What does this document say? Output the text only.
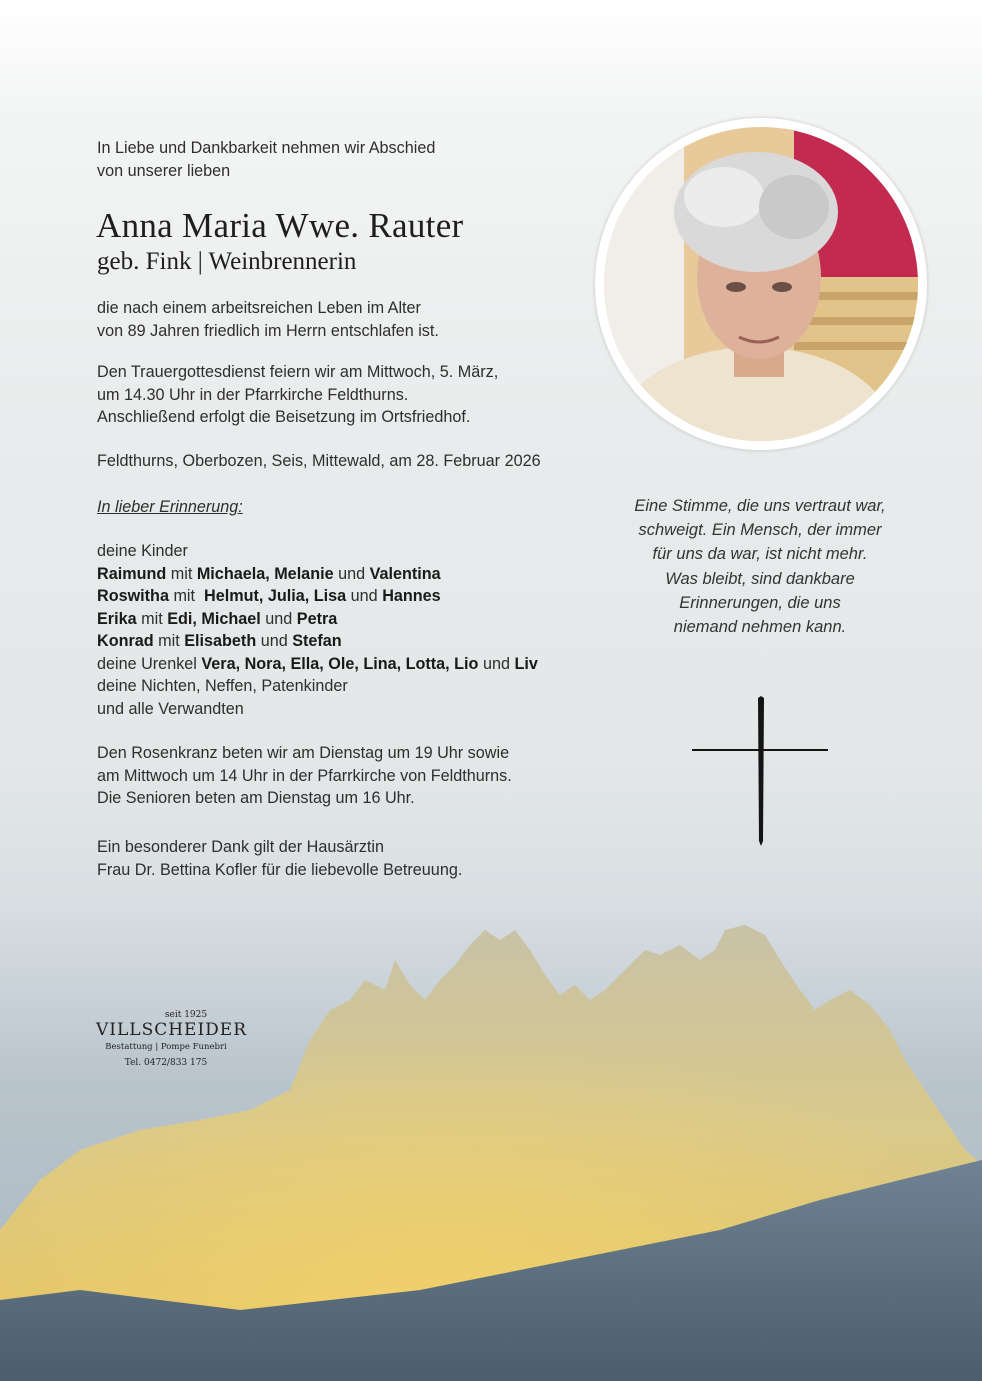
In Liebe und Dankbarkeit nehmen wir Abschied
von unserer lieben
Anna Maria Wwe. Rauter
geb. Fink | Weinbrennerin
die nach einem arbeitsreichen Leben im Alter
von 89 Jahren friedlich im Herrn entschlafen ist.
Den Trauergottesdienst feiern wir am Mittwoch, 5. März,
um 14.30 Uhr in der Pfarrkirche Feldthurns.
Anschließend erfolgt die Beisetzung im Ortsfriedhof.
Feldthurns, Oberbozen, Seis, Mittewald, am 28. Februar 2026
In lieber Erinnerung:
deine Kinder
Raimund mit Michaela, Melanie und Valentina
Roswitha mit Helmut, Julia, Lisa und Hannes
Erika mit Edi, Michael und Petra
Konrad mit Elisabeth und Stefan
deine Urenkel Vera, Nora, Ella, Ole, Lina, Lotta, Lio und Liv
deine Nichten, Neffen, Patenkinder
und alle Verwandten
Den Rosenkranz beten wir am Dienstag um 19 Uhr sowie
am Mittwoch um 14 Uhr in der Pfarrkirche von Feldthurns.
Die Senioren beten am Dienstag um 16 Uhr.
Ein besonderer Dank gilt der Hausärztin
Frau Dr. Bettina Kofler für die liebevolle Betreuung.
Eine Stimme, die uns vertraut war,
schweigt. Ein Mensch, der immer
für uns da war, ist nicht mehr.
Was bleibt, sind dankbare
Erinnerungen, die uns
niemand nehmen kann.
seit 1925
VILLSCHEIDER
Bestattung | Pompe Funebri
Tel. 0472/833 175
